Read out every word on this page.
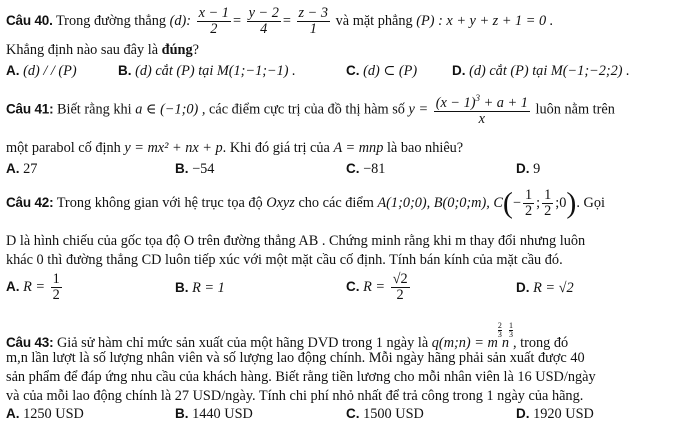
Câu 40. Trong đường thẳng (d): $\frac{x - 1}{2} = \frac{y - 2}{4} = \frac{z - 3}{1}$ và mặt phẳng (P) : x + y + z + 1 = 0 .
Khẳng định nào sau đây là đúng?
A. (d) / / (P)	B. (d) cắt (P) tại M(1;−1;−1) .	C. (d) ⊂ (P)	D. (d) cắt (P) tại M(−1;−2;2) .
Câu 41: Biết rằng khi a ∈ (−1;0) , các điểm cực trị của đồ thị hàm số $y = \frac{(x - 1)^3 + a + 1}{x}$ luôn nằm trên
một parabol cố định y = mx² + nx + p. Khi đó giá trị của A = mnp là bao nhiêu?
A. 27	B. −54	C. −81	D. 9
Câu 42: Trong không gian với hệ trục tọa độ Oxyz cho các điểm A(1;0;0), B(0;0;m), $C(- \frac{1}{2}$ ; $\frac{1}{2}$ ;0). Gọi
D là hình chiếu của gốc tọa độ O trên đường thẳng AB . Chứng minh rằng khi m thay đổi nhưng luôn
khác 0 thì đường thẳng CD luôn tiếp xúc với một mặt cầu cố định. Tính bán kính của mặt cầu đó.
A. $R = \frac{1}{2}$	B. R = 1	C. $R = \frac{√2}{2}$	D. R = √2
Câu 43: Giả sử hàm chỉ mức sản xuất của một hãng DVD trong 1 ngày là q(m;n) = m
$\frac{2}{3}$
n
$\frac{1}{3}$
, trong đó
m,n lần lượt là số lượng nhân viên và số lượng lao động chính. Mỗi ngày hãng phải sản xuất được 40
sản phẩm để đáp ứng nhu cầu của khách hàng. Biết rằng tiền lương cho mỗi nhân viên là 16 USD/ngày
và của mỗi lao động chính là 27 USD/ngày. Tính chi phí nhỏ nhất để trả công trong 1 ngày của hãng.
A. 1250 USD	B. 1440 USD	C. 1500 USD	D. 1920 USD
